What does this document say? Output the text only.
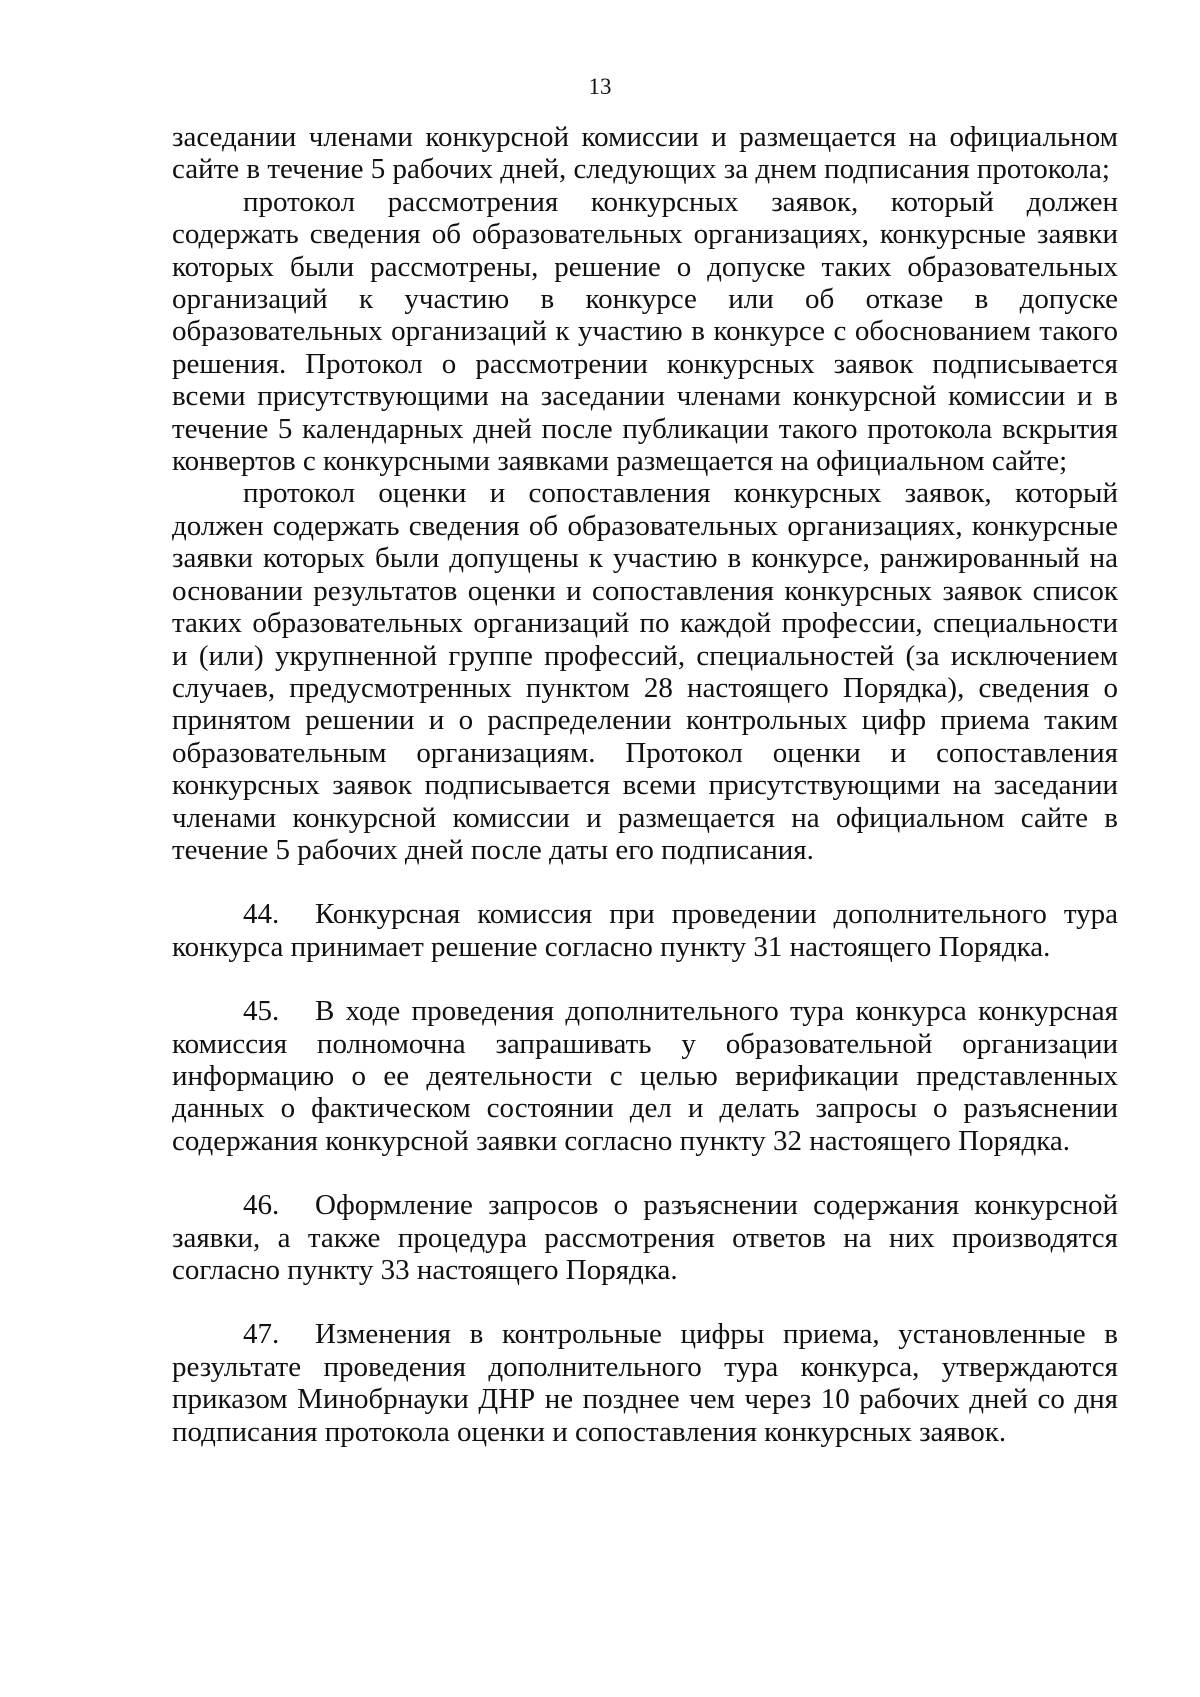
13

заседании членами конкурсной комиссии и размещается на официальном сайте в течение 5 рабочих дней, следующих за днем подписания протокола;

протокол рассмотрения конкурсных заявок, который должен содержать сведения об образовательных организациях, конкурсные заявки которых были рассмотрены, решение о допуске таких образовательных организаций к участию в конкурсе или об отказе в допуске образовательных организаций к участию в конкурсе с обоснованием такого решения. Протокол о рассмотрении конкурсных заявок подписывается всеми присутствующими на заседании членами конкурсной комиссии и в течение 5 календарных дней после публикации такого протокола вскрытия конвертов с конкурсными заявками размещается на официальном сайте;

протокол оценки и сопоставления конкурсных заявок, который должен содержать сведения об образовательных организациях, конкурсные заявки которых были допущены к участию в конкурсе, ранжированный на основании результатов оценки и сопоставления конкурсных заявок список таких образовательных организаций по каждой профессии, специальности и (или) укрупненной группе профессий, специальностей (за исключением случаев, предусмотренных пунктом 28 настоящего Порядка), сведения о принятом решении и о распределении контрольных цифр приема таким образовательным организациям. Протокол оценки и сопоставления конкурсных заявок подписывается всеми присутствующими на заседании членами конкурсной комиссии и размещается на официальном сайте в течение 5 рабочих дней после даты его подписания.

44. Конкурсная комиссия при проведении дополнительного тура конкурса принимает решение согласно пункту 31 настоящего Порядка.

45. В ходе проведения дополнительного тура конкурса конкурсная комиссия полномочна запрашивать у образовательной организации информацию о ее деятельности с целью верификации представленных данных о фактическом состоянии дел и делать запросы о разъяснении содержания конкурсной заявки согласно пункту 32 настоящего Порядка.

46. Оформление запросов о разъяснении содержания конкурсной заявки, а также процедура рассмотрения ответов на них производятся согласно пункту 33 настоящего Порядка.

47. Изменения в контрольные цифры приема, установленные в результате проведения дополнительного тура конкурса, утверждаются приказом Минобрнауки ДНР не позднее чем через 10 рабочих дней со дня подписания протокола оценки и сопоставления конкурсных заявок.
